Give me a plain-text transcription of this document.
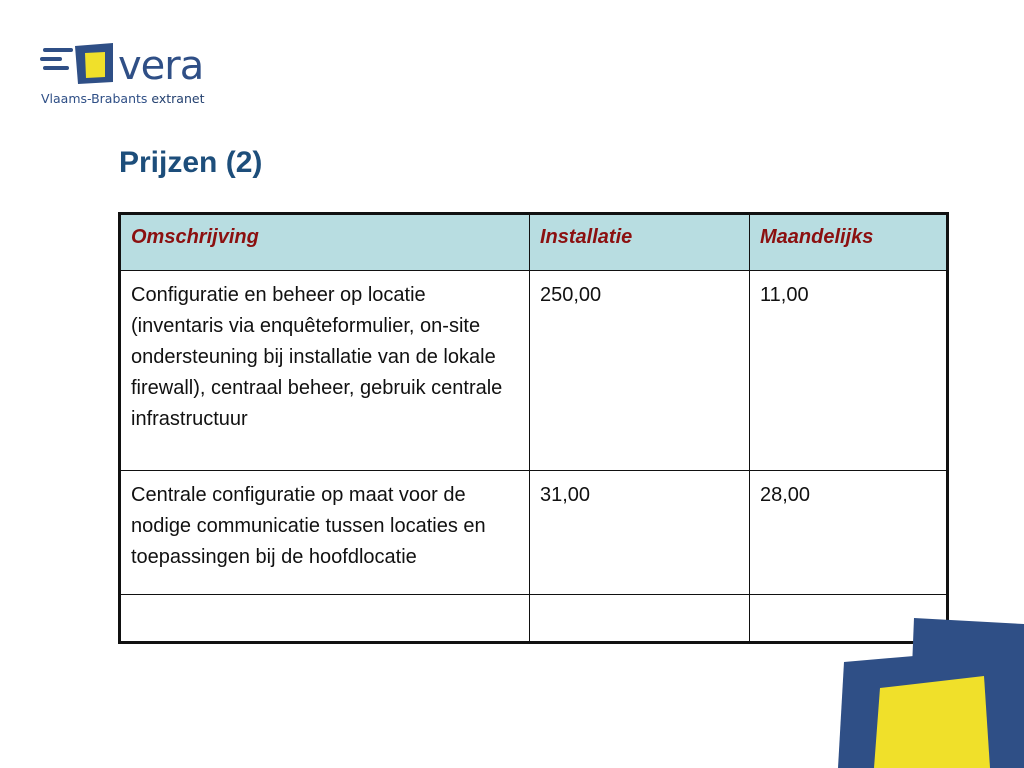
vera
Vlaams-Brabants extranet
Prijzen (2)
Omschrijving	Installatie	Maandelijks
Configuratie en beheer op locatie (inventaris via enquêteformulier, on-site ondersteuning bij installatie van de lokale firewall), centraal beheer, gebruik centrale infrastructuur	250,00	11,00
Centrale configuratie op maat voor de nodige communicatie tussen locaties en toepassingen bij de hoofdlocatie	31,00	28,00
